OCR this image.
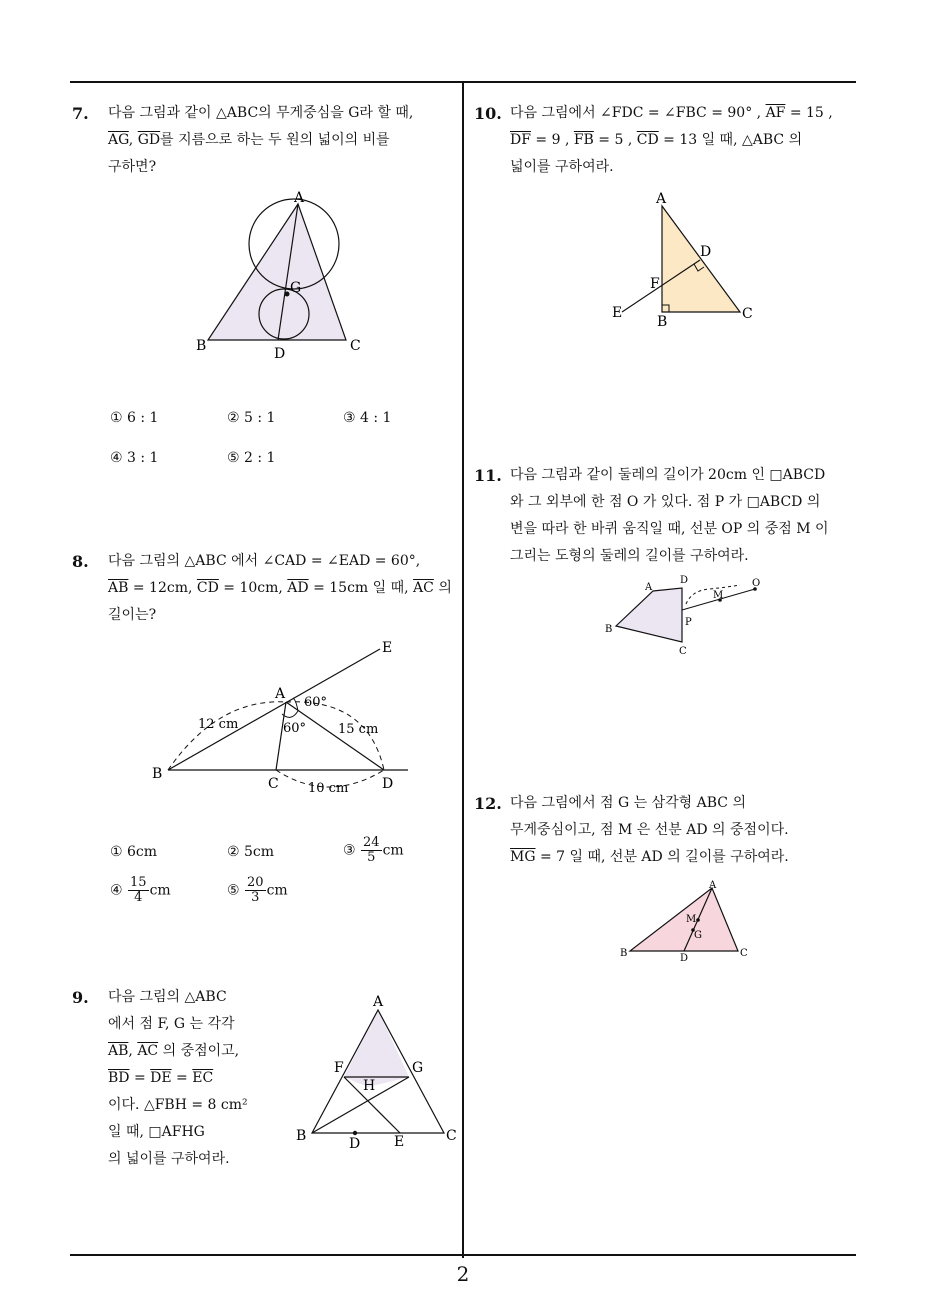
2
7. 다음 그림과 같이 △ABC의 무게중심을 G라 할 때,
$\overline{AG}$, $\overline{GD}$를 지름으로 하는 두 원의 넓이의 비를
구하면?
A
G
B	C
D
① 6 : 1	② 5 : 1	③ 4 : 1
④ 3 : 1	⑤ 2 : 1
8. 다음 그림의 △ABC 에서 ∠CAD = ∠EAD = 60°,
$\overline{AB} = 12cm$, $\overline{CD} = 10cm$, $\overline{AD} = 15cm$ 일 때, $\overline{AC}$ 의
길이는?
E
A
60°
60°
12 cm	15 cm
B
C 10 cm D
① 6cm	② 5cm	③ $\frac{24}{5}$ cm
④ $\frac{15}{4}$ cm	⑤ $\frac{20}{3}$ cm
9. 다음 그림의 △ABC
에서 점 F, G 는 각각
$\overline{AB}$, $\overline{AC}$ 의 중점이고,
$\overline{BD} = \overline{DE} = \overline{EC}$
이다. △FBH = 8 cm²
일 때, □AFHG
의 넓이를 구하여라.
A
F	G
H
B	D E	C
10. 다음 그림에서 ∠FDC = ∠FBC = 90° , $\overline{AF} = 15$ ,
$\overline{DF} = 9$ , $\overline{FB} = 5$ , $\overline{CD} = 13$ 일 때, △ABC 의
넓이를 구하여라.
A
D
F
E
B	C
11. 다음 그림과 같이 둘레의 길이가 20cm 인 □ABCD
와 그 외부에 한 점 O 가 있다. 점 P 가 □ABCD 의
변을 따라 한 바퀴 움직일 때, 선분 OP 의 중점 M 이
그리는 도형의 둘레의 길이를 구하여라.
A
D
B
P
C
M
O
12. 다음 그림에서 점 G 는 삼각형 ABC 의
무게중심이고, 점 M 은 선분 AD 의 중점이다.
$\overline{MG} = 7$ 일 때, 선분 AD 의 길이를 구하여라.
A
M
G
B	D	C
